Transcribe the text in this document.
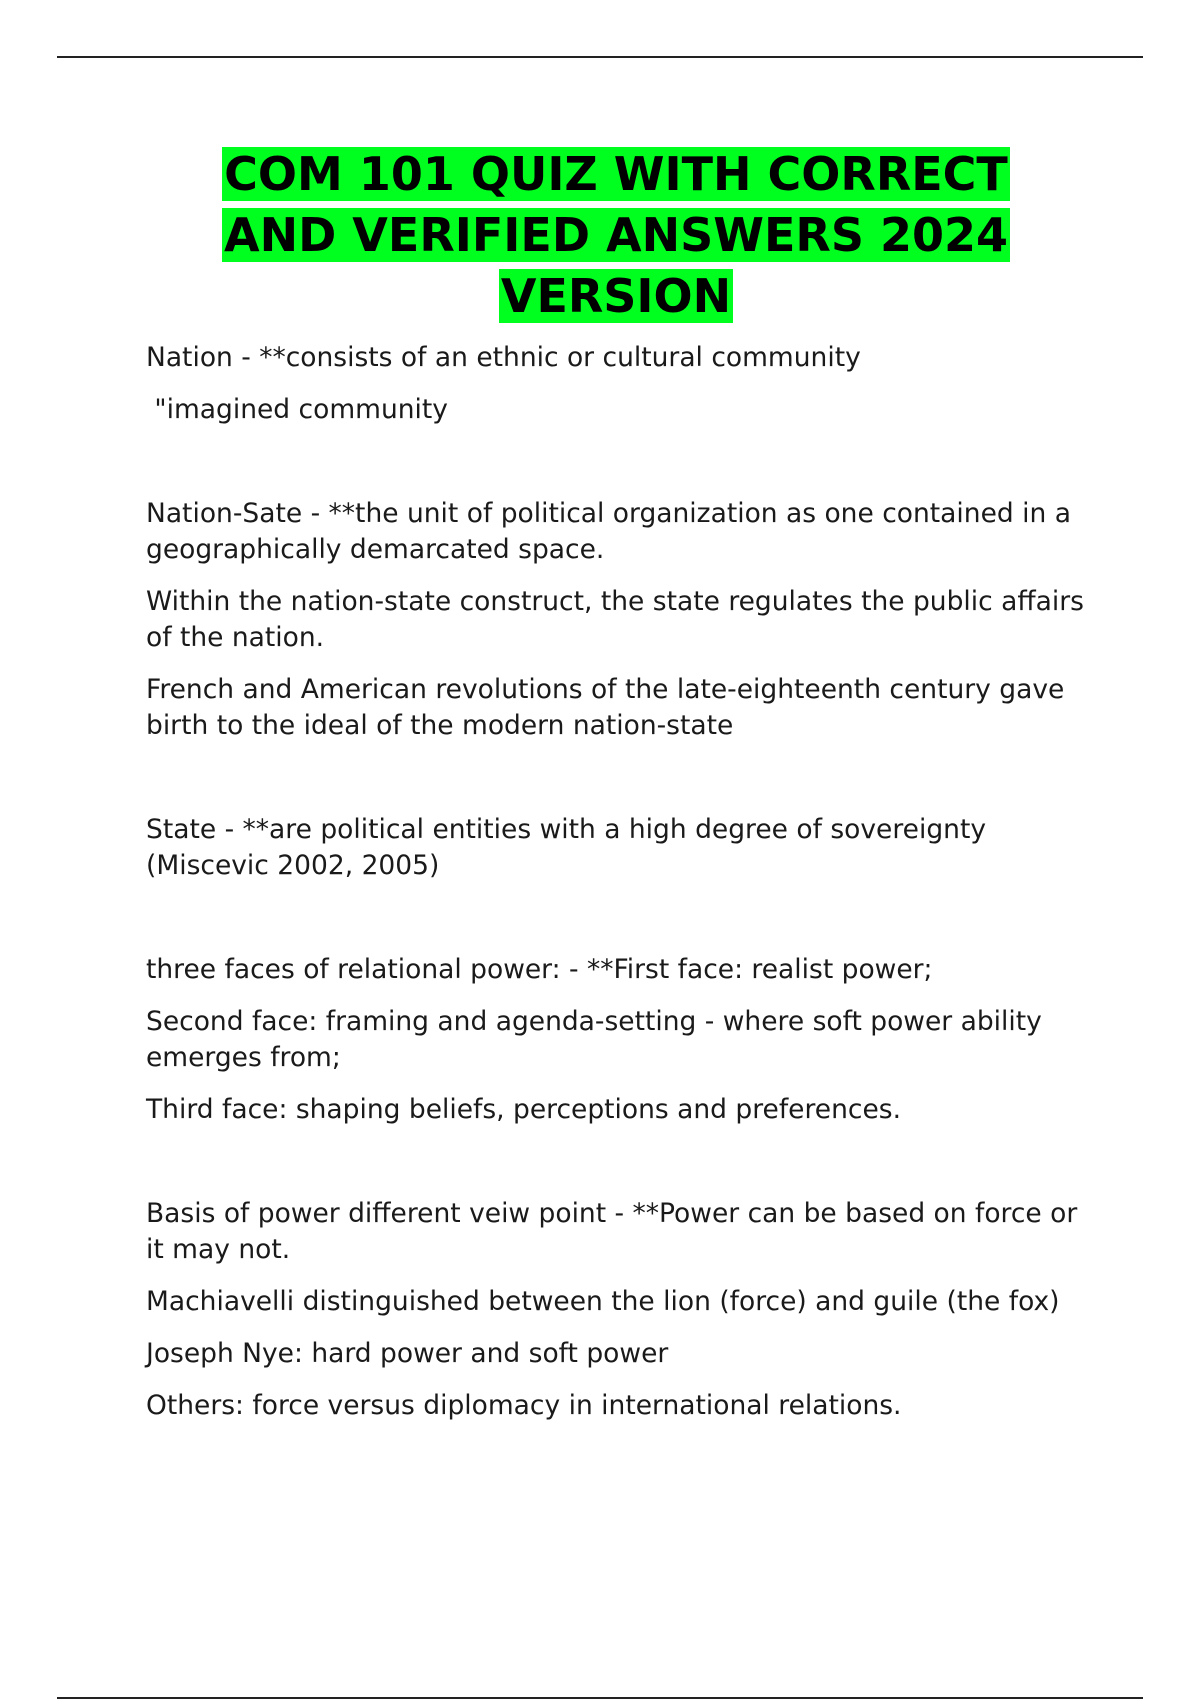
COM 101 QUIZ WITH CORRECT
AND VERIFIED ANSWERS 2024
VERSION

Nation - **consists of an ethnic or cultural community

"imagined community

Nation-Sate - **the unit of political organization as one contained in a geographically demarcated space.

Within the nation-state construct, the state regulates the public affairs of the nation.

French and American revolutions of the late-eighteenth century gave birth to the ideal of the modern nation-state

State - **are political entities with a high degree of sovereignty (Miscevic 2002, 2005)

three faces of relational power: - **First face: realist power;

Second face: framing and agenda-setting - where soft power ability emerges from;

Third face: shaping beliefs, perceptions and preferences.

Basis of power different veiw point - **Power can be based on force or it may not.

Machiavelli distinguished between the lion (force) and guile (the fox)

Joseph Nye: hard power and soft power

Others: force versus diplomacy in international relations.
